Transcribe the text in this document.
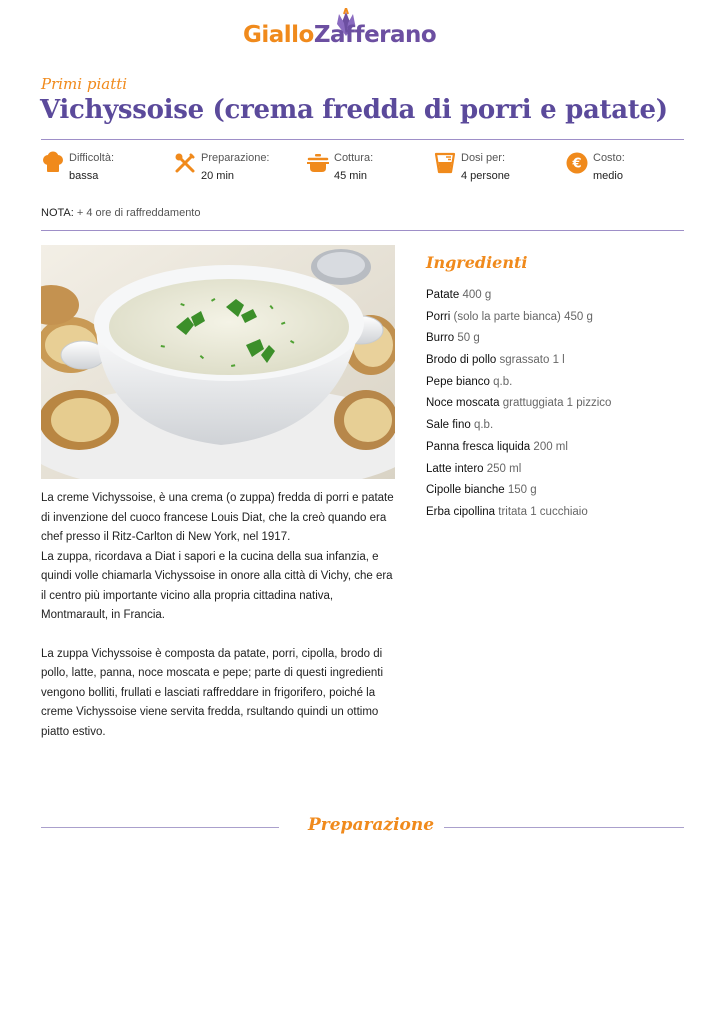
GialloZafferano
Primi piatti
Vichyssoise (crema fredda di porri e patate)
Difficoltà:
bassa
Preparazione:
20 min
Cottura:
45 min
Dosi per:
4 persone
€ Costo:
medio
NOTA: + 4 ore di raffreddamento

La creme Vichyssoise, è una crema (o zuppa) fredda di porri e patate di invenzione del cuoco francese Louis Diat, che la creò quando era chef presso il Ritz-Carlton di New York, nel 1917.
La zuppa, ricordava a Diat i sapori e la cucina della sua infanzia, e quindi volle chiamarla Vichyssoise in onore alla città di Vichy, che era il centro più importante vicino alla propria cittadina nativa, Montmarault, in Francia.

La zuppa Vichyssoise è composta da patate, porri, cipolla, brodo di pollo, latte, panna, noce moscata e pepe; parte di questi ingredienti vengono bolliti, frullati e lasciati raffreddare in frigorifero, poiché la creme Vichyssoise viene servita fredda, rsultando quindi un ottimo piatto estivo.

Ingredienti
Patate 400 g
Porri (solo la parte bianca) 450 g
Burro 50 g
Brodo di pollo sgrassato 1 l
Pepe bianco q.b.
Noce moscata grattuggiata 1 pizzico
Sale fino q.b.
Panna fresca liquida 200 ml
Latte intero 250 ml
Cipolle bianche 150 g
Erba cipollina tritata 1 cucchiaio
Preparazione
